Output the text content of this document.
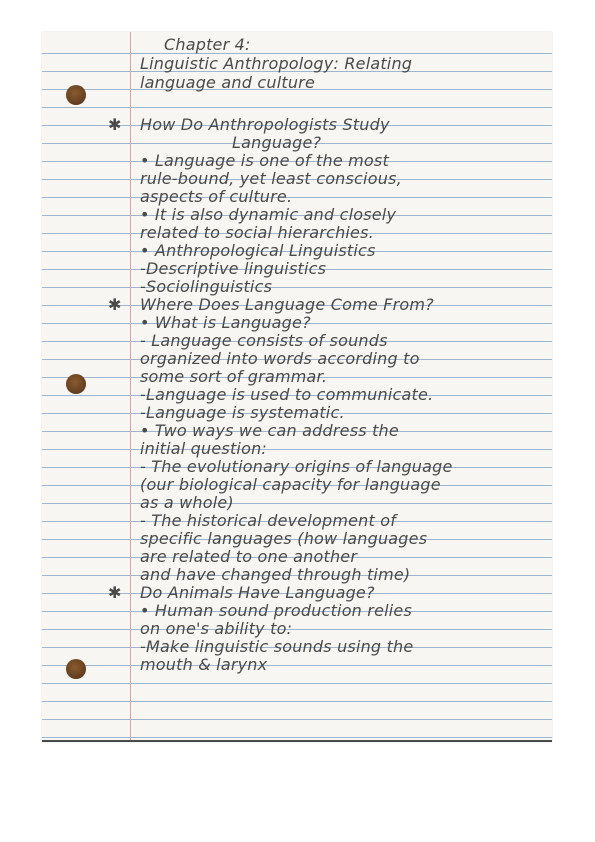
Chapter 4:
Linguistic Anthropology: Relating
language and culture
✱ How Do Anthropologists Study
Language?
• Language is one of the most
rule-bound, yet least conscious,
aspects of culture.
• It is also dynamic and closely
related to social hierarchies.
• Anthropological Linguistics
-Descriptive linguistics
-Sociolinguistics
✱ Where Does Language Come From?
• What is Language?
- Language consists of sounds
organized into words according to
some sort of grammar.
-Language is used to communicate.
-Language is systematic.
• Two ways we can address the
initial question:
- The evolutionary origins of language
(our biological capacity for language
as a whole)
- The historical development of
specific languages (how languages
are related to one another
and have changed through time)
✱ Do Animals Have Language?
• Human sound production relies
on one's ability to:
-Make linguistic sounds using the
mouth & larynx
